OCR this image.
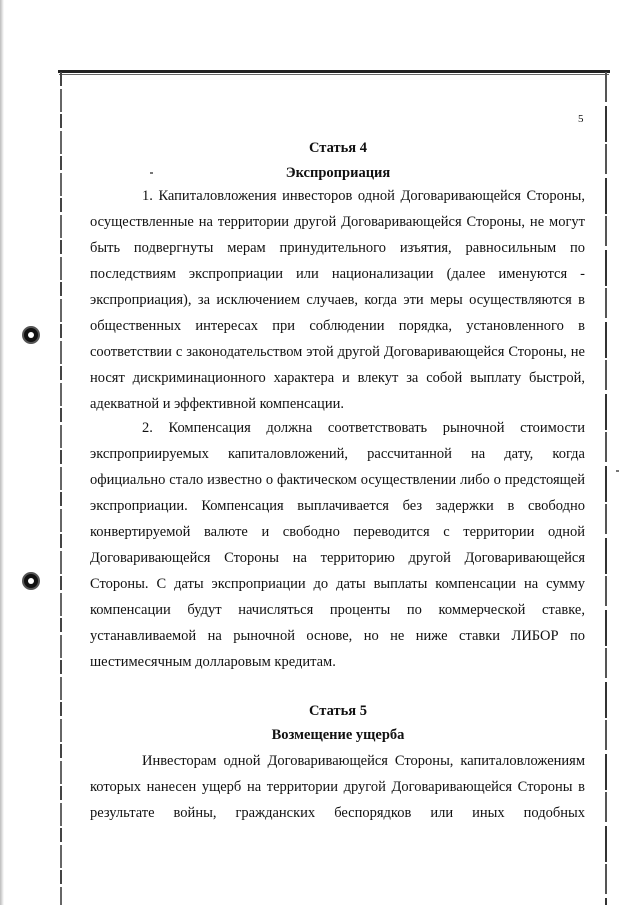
5
Статья 4
Экспроприация
1. Капиталовложения инвесторов одной Договаривающейся Стороны, осуществленные на территории другой Договаривающейся Стороны, не могут быть подвергнуты мерам принудительного изъятия, равносильным по последствиям экспроприации или национализации (далее именуются - экспроприация), за исключением случаев, когда эти меры осуществляются в общественных интересах при соблюдении порядка, установленного в соответствии с законодательством этой другой Договаривающейся Стороны, не носят дискриминационного характера и влекут за собой выплату быстрой, адекватной и эффективной компенсации.
2. Компенсация должна соответствовать рыночной стоимости экспроприируемых капиталовложений, рассчитанной на дату, когда официально стало известно о фактическом осуществлении либо о предстоящей экспроприации. Компенсация выплачивается без задержки в свободно конвертируемой валюте и свободно переводится с территории одной Договаривающейся Стороны на территорию другой Договаривающейся Стороны. С даты экспроприации до даты выплаты компенсации на сумму компенсации будут начисляться проценты по коммерческой ставке, устанавливаемой на рыночной основе, но не ниже ставки ЛИБОР по шестимесячным долларовым кредитам.
Статья 5
Возмещение ущерба
Инвесторам одной Договаривающейся Стороны, капиталовложениям которых нанесен ущерб на территории другой Договаривающейся Стороны в результате войны, гражданских беспорядков или иных подобных
